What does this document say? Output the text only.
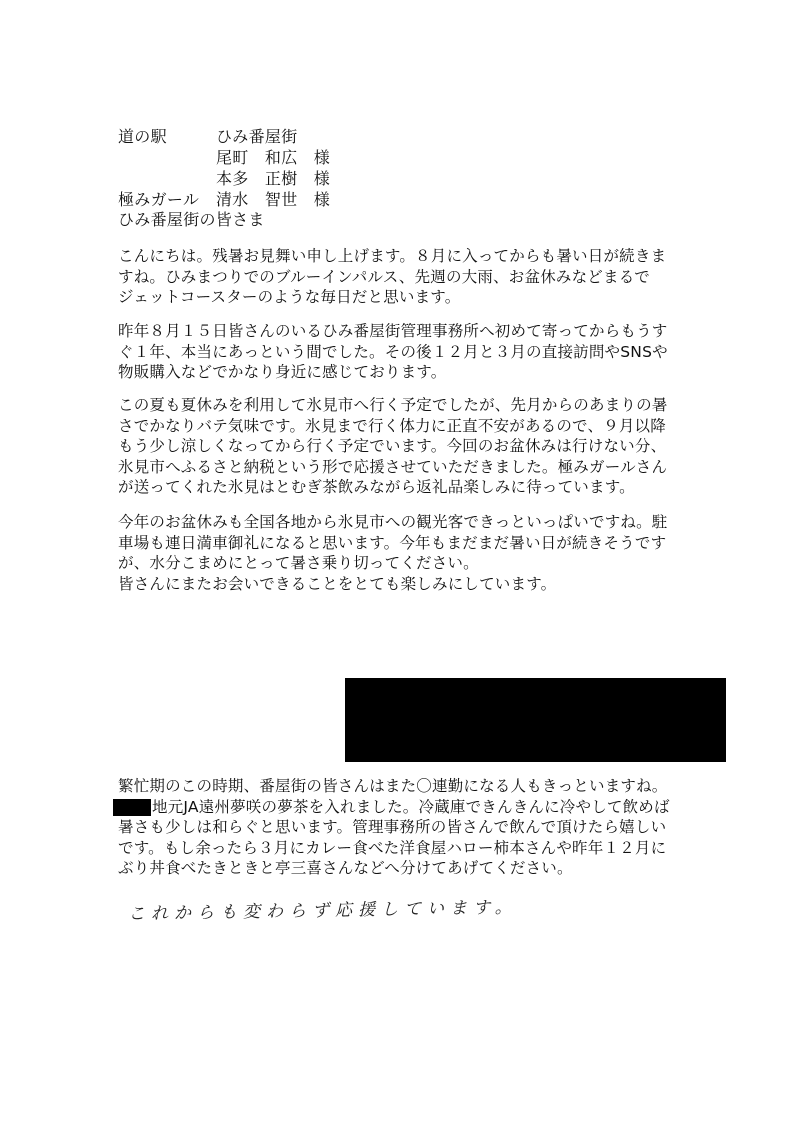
道の駅	ひみ番屋街
尾町　和広　様
本多　正樹　様
極みガール 清水　智世　様
ひみ番屋街の皆さま
こんにちは。残暑お見舞い申し上げます。８月に入ってからも暑い日が続きま
すね。ひみまつりでのブルーインパルス、先週の大雨、お盆休みなどまるで
ジェットコースターのような毎日だと思います。
昨年８月１５日皆さんのいるひみ番屋街管理事務所へ初めて寄ってからもうす
ぐ１年、本当にあっという間でした。その後１２月と３月の直接訪問やSNSや
物販購入などでかなり身近に感じております。
この夏も夏休みを利用して氷見市へ行く予定でしたが、先月からのあまりの暑
さでかなりバテ気味です。氷見まで行く体力に正直不安があるので、９月以降
もう少し涼しくなってから行く予定でいます。今回のお盆休みは行けない分、
氷見市へふるさと納税という形で応援させていただきました。極みガールさん
が送ってくれた氷見はとむぎ茶飲みながら返礼品楽しみに待っています。
今年のお盆休みも全国各地から氷見市への観光客できっといっぱいですね。駐
車場も連日満車御礼になると思います。今年もまだまだ暑い日が続きそうです
が、水分こまめにとって暑さ乗り切ってください。
皆さんにまたお会いできることをとても楽しみにしています。
繁忙期のこの時期、番屋街の皆さんはまた〇連勤になる人もきっといますね。
地元JA遠州夢咲の夢茶を入れました。冷蔵庫できんきんに冷やして飲めば
暑さも少しは和らぐと思います。管理事務所の皆さんで飲んで頂けたら嬉しい
です。もし余ったら３月にカレー食べた洋食屋ハロー柿本さんや昨年１２月に
ぶり丼食べたきときと亭三喜さんなどへ分けてあげてください。
これからも変わらず応援しています。
